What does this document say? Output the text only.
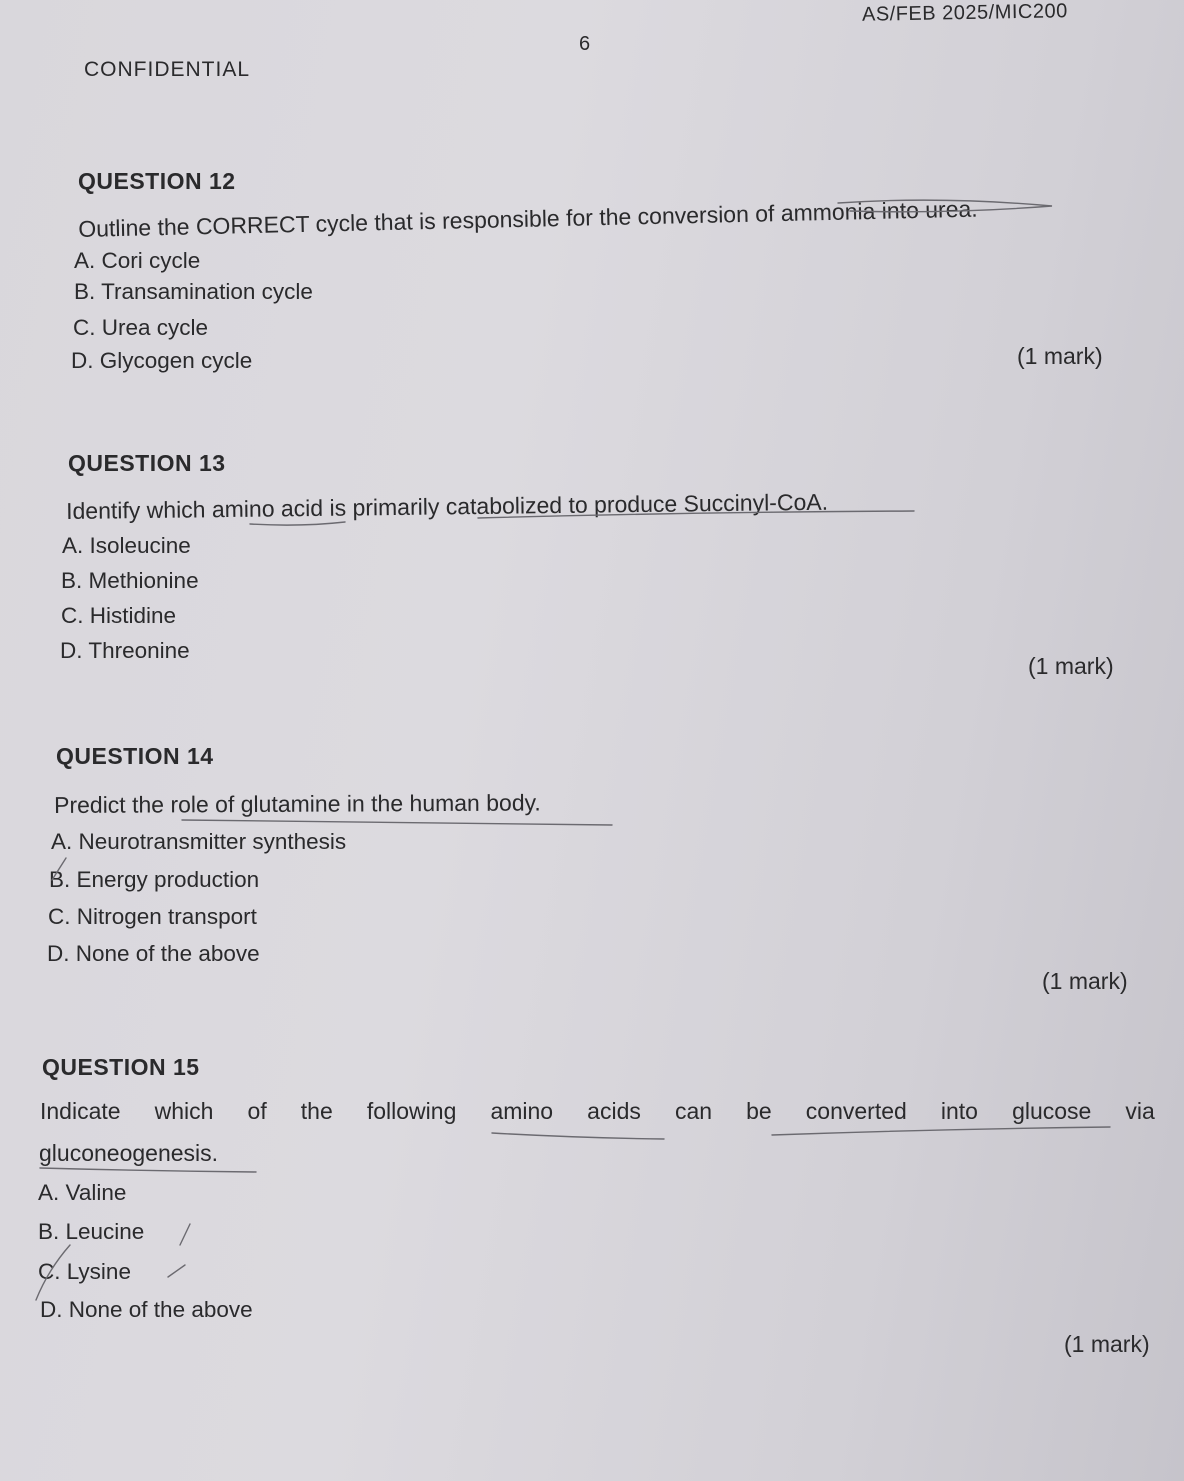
AS/FEB 2025/MIC200
6
CONFIDENTIAL
QUESTION 12
Outline the CORRECT cycle that is responsible for the conversion of ammonia into urea.
A. Cori cycle
B. Transamination cycle
C. Urea cycle
D. Glycogen cycle	(1 mark)
QUESTION 13
Identify which amino acid is primarily catabolized to produce Succinyl-CoA.
A. Isoleucine
B. Methionine
C. Histidine
D. Threonine
(1 mark)
QUESTION 14
Predict the role of glutamine in the human body.
A. Neurotransmitter synthesis
B. Energy production
C. Nitrogen transport
D. None of the above
(1 mark)
QUESTION 15
Indicate which of the following amino acids can be converted into glucose via
gluconeogenesis.
A. Valine
B. Leucine
C. Lysine
D. None of the above
(1 mark)
